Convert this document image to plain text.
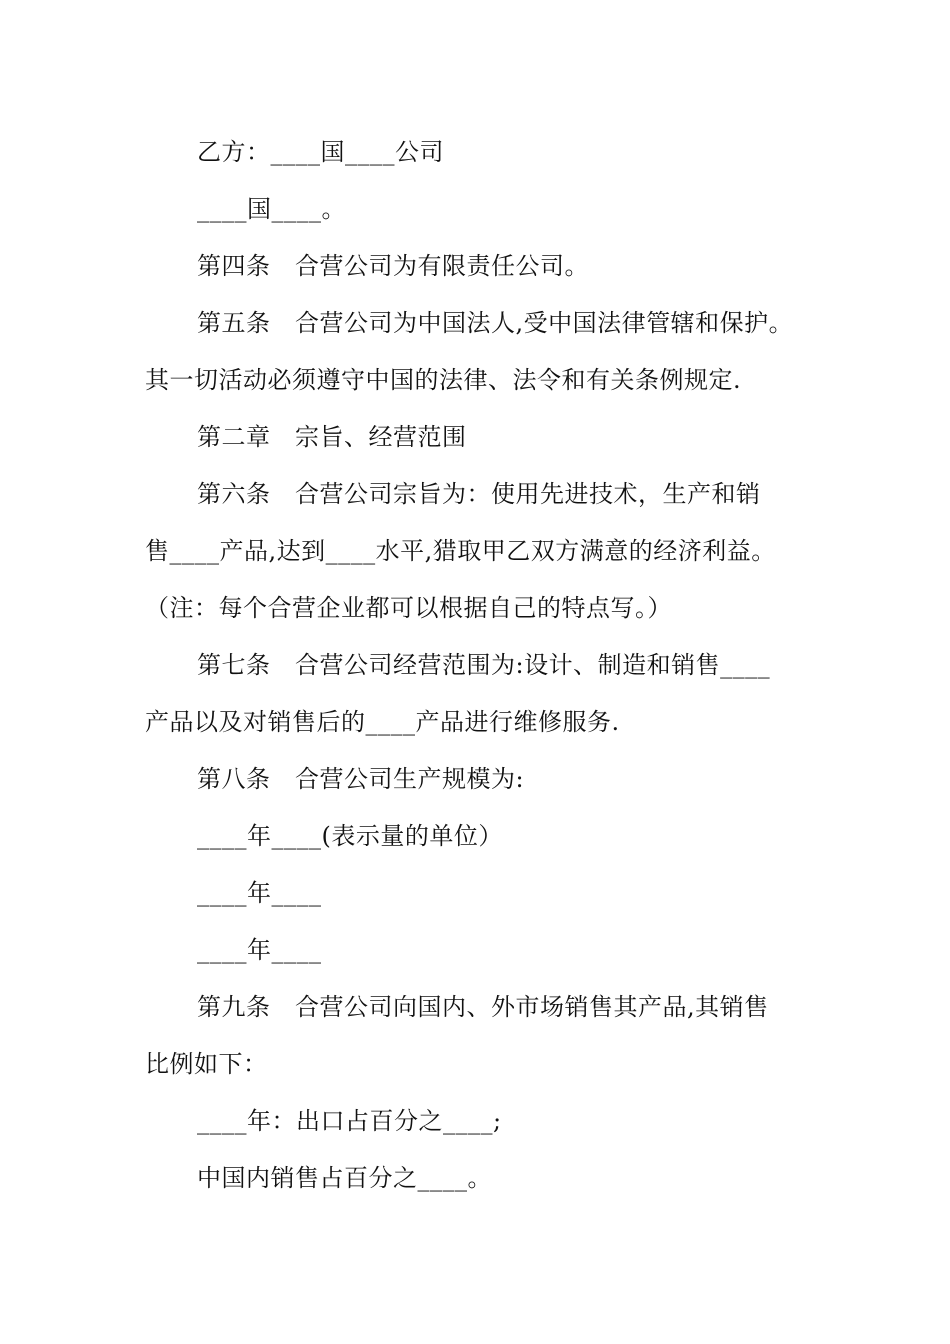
乙方：____国____公司
____国____。
第四条　合营公司为有限责任公司。
第五条　合营公司为中国法人,受中国法律管辖和保护。
其一切活动必须遵守中国的法律、法令和有关条例规定.
第二章　宗旨、经营范围
第六条　合营公司宗旨为：使用先进技术，生产和销
售____产品,达到____水平,猎取甲乙双方满意的经济利益。
（注：每个合营企业都可以根据自己的特点写。）
第七条　合营公司经营范围为:设计、制造和销售____
产品以及对销售后的____产品进行维修服务.
第八条　合营公司生产规模为:
____年____(表示量的单位）
____年____
____年____
第九条　合营公司向国内、外市场销售其产品,其销售
比例如下：
____年：出口占百分之____;
中国内销售占百分之____。
